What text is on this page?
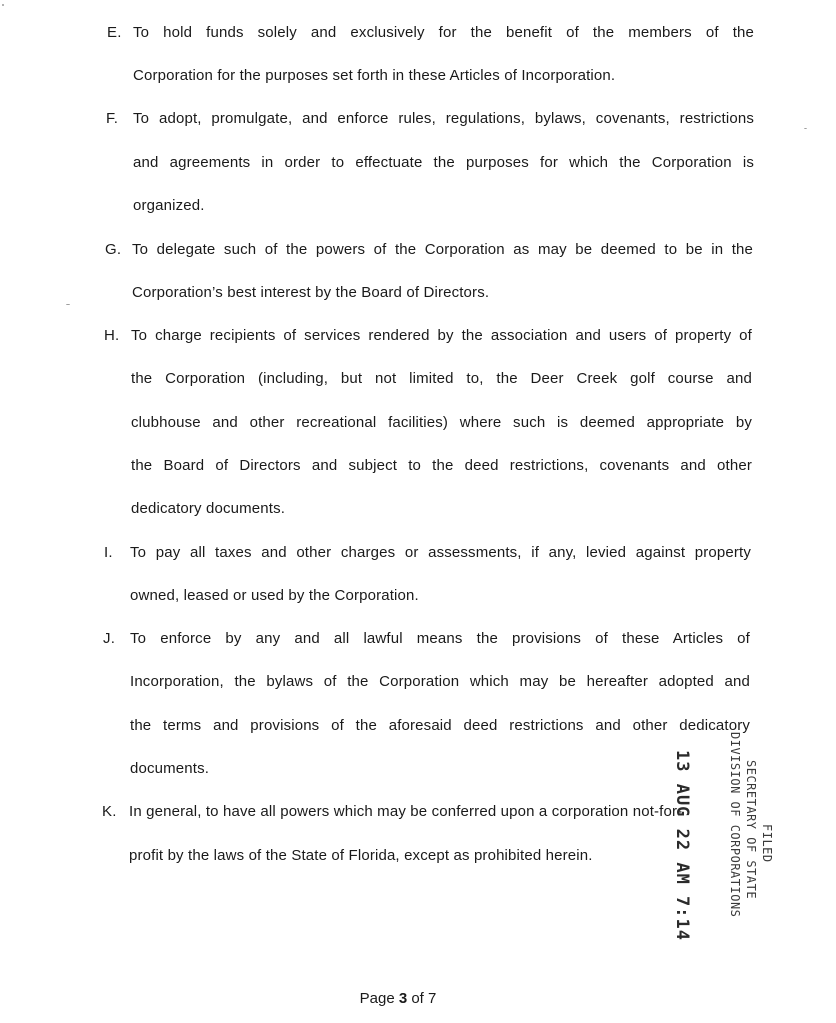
E. To hold funds solely and exclusively for the benefit of the members of the
Corporation for the purposes set forth in these Articles of Incorporation.
F. To adopt, promulgate, and enforce rules, regulations, bylaws, covenants, restrictions
and agreements in order to effectuate the purposes for which the Corporation is
organized.
G. To delegate such of the powers of the Corporation as may be deemed to be in the
Corporation’s best interest by the Board of Directors.
H. To charge recipients of services rendered by the association and users of property of
the Corporation (including, but not limited to, the Deer Creek golf course and
clubhouse and other recreational facilities) where such is deemed appropriate by
the Board of Directors and subject to the deed restrictions, covenants and other
dedicatory documents.
I. To pay all taxes and other charges or assessments, if any, levied against property
owned, leased or used by the Corporation.
J. To enforce by any and all lawful means the provisions of these Articles of
Incorporation, the bylaws of the Corporation which may be hereafter adopted and
the terms and provisions of the aforesaid deed restrictions and other dedicatory
documents.
K. In general, to have all powers which may be conferred upon a corporation not-for-
profit by the laws of the State of Florida, except as prohibited herein.	13 AUG 22 AM 7:14	FILED
SECRETARY OF STATE
DIVISION OF CORPORATIONS
Page 3 of 7
